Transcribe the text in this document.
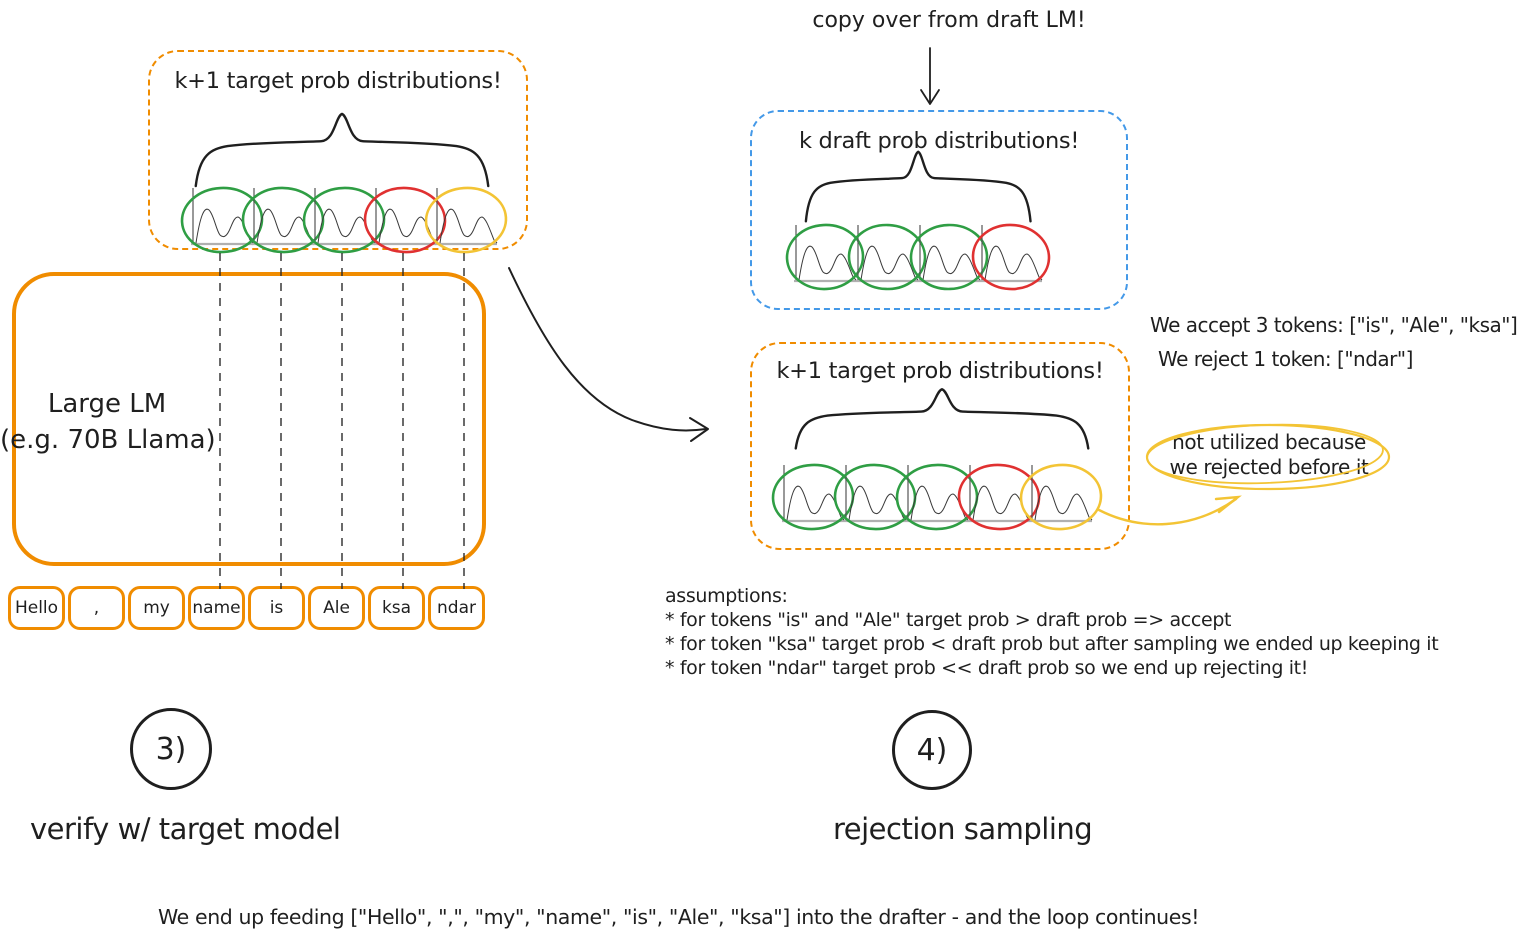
k+1 target prob distributions!
Large LM
(e.g. 70B Llama)
Hello	,	my	name	is	Ale	ksa	ndar
3)
verify w/ target model
4)
rejection sampling
copy over from draft LM!
k draft prob distributions!
k+1 target prob distributions!
We accept 3 tokens: ["is", "Ale", "ksa"]
We reject 1 token: ["ndar"]
not utilized because
we rejected before it
assumptions:
* for tokens "is" and "Ale" target prob > draft prob => accept
* for token "ksa" target prob < draft prob but after sampling we ended up keeping it
* for token "ndar" target prob << draft prob so we end up rejecting it!
We end up feeding ["Hello", ",", "my", "name", "is", "Ale", "ksa"] into the drafter - and the loop continues!
